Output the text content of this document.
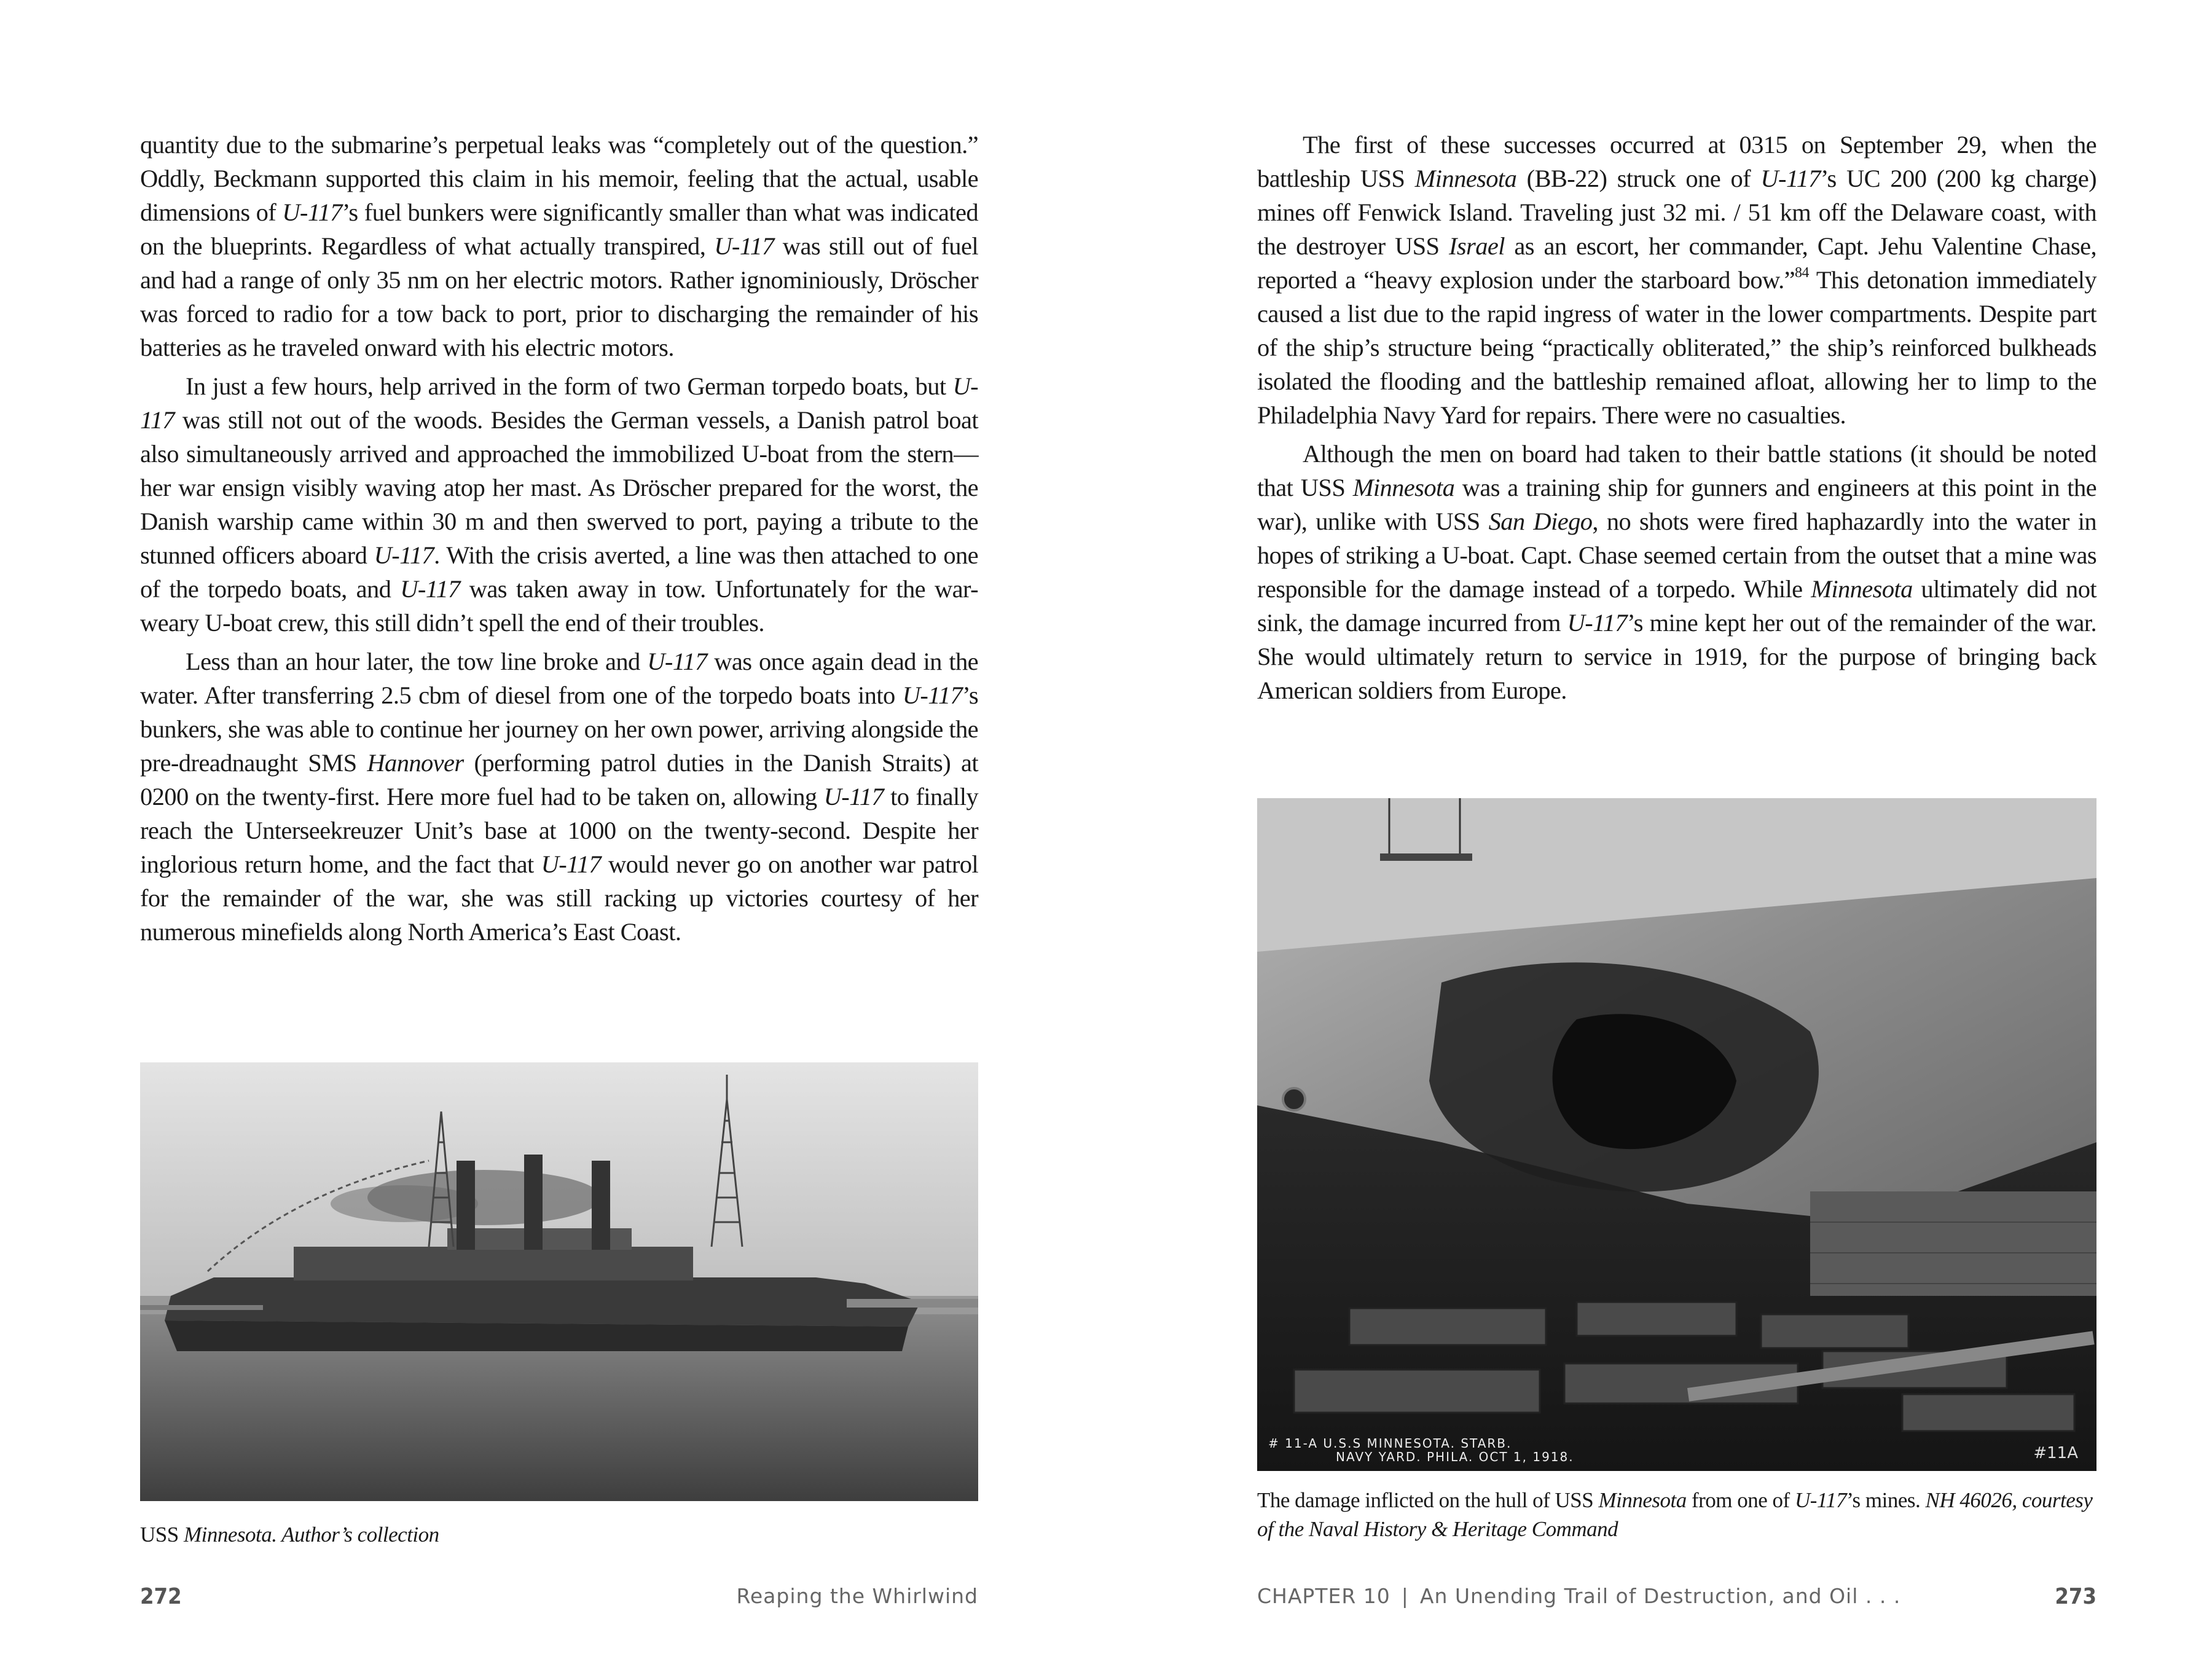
quantity due to the submarine’s perpetual leaks was “completely out of the question.” Oddly, Beckmann supported this claim in his memoir, feeling that the actual, usable dimensions of U-117’s fuel bunkers were significantly smaller than what was indicated on the blueprints. Regardless of what actually transpired, U-117 was still out of fuel and had a range of only 35 nm on her electric motors. Rather ignominiously, Dröscher was forced to radio for a tow back to port, prior to discharging the remainder of his batteries as he traveled onward with his electric motors.

In just a few hours, help arrived in the form of two German torpedo boats, but U-117 was still not out of the woods. Besides the German vessels, a Danish patrol boat also simultaneously arrived and approached the immobilized U-boat from the stern—her war ensign visibly waving atop her mast. As Dröscher prepared for the worst, the Danish warship came within 30 m and then swerved to port, paying a tribute to the stunned officers aboard U-117. With the crisis averted, a line was then attached to one of the torpedo boats, and U-117 was taken away in tow. Unfortunately for the war-weary U-boat crew, this still didn’t spell the end of their troubles.

Less than an hour later, the tow line broke and U-117 was once again dead in the water. After transferring 2.5 cbm of diesel from one of the torpedo boats into U-117’s bunkers, she was able to continue her journey on her own power, arriving alongside the pre-dreadnaught SMS Hannover (performing patrol duties in the Danish Straits) at 0200 on the twenty-first. Here more fuel had to be taken on, allowing U-117 to finally reach the Unterseekreuzer Unit’s base at 1000 on the twenty-second. Despite her inglorious return home, and the fact that U-117 would never go on another war patrol for the remainder of the war, she was still racking up victories courtesy of her numerous minefields along North America’s East Coast.

USS Minnesota. Author’s collection
272	Reaping the Whirlwind

The first of these successes occurred at 0315 on September 29, when the battleship USS Minnesota (BB-22) struck one of U-117’s UC 200 (200 kg charge) mines off Fenwick Island. Traveling just 32 mi. / 51 km off the Delaware coast, with the destroyer USS Israel as an escort, her commander, Capt. Jehu Valentine Chase, reported a “heavy explosion under the starboard bow.”$^{84}$ This detonation immediately caused a list due to the rapid ingress of water in the lower compartments. Despite part of the ship’s structure being “practically obliterated,” the ship’s reinforced bulkheads isolated the flooding and the battleship remained afloat, allowing her to limp to the Philadelphia Navy Yard for repairs. There were no casualties.

Although the men on board had taken to their battle stations (it should be noted that USS Minnesota was a training ship for gunners and engineers at this point in the war), unlike with USS San Diego, no shots were fired haphazardly into the water in hopes of striking a U-boat. Capt. Chase seemed certain from the outset that a mine was responsible for the damage instead of a torpedo. While Minnesota ultimately did not sink, the damage incurred from U-117’s mine kept her out of the remainder of the war. She would ultimately return to service in 1919, for the purpose of bringing back American soldiers from Europe.

# 11-A U.S.S MINNESOTA. STARB.
NAVY YARD. PHILA. OCT 1, 1918.	#11A
The damage inflicted on the hull of USS Minnesota from one of U-117’s mines. NH 46026, courtesy of the Naval History & Heritage Command
CHAPTER 10 | An Unending Trail of Destruction, and Oil . . .	273
